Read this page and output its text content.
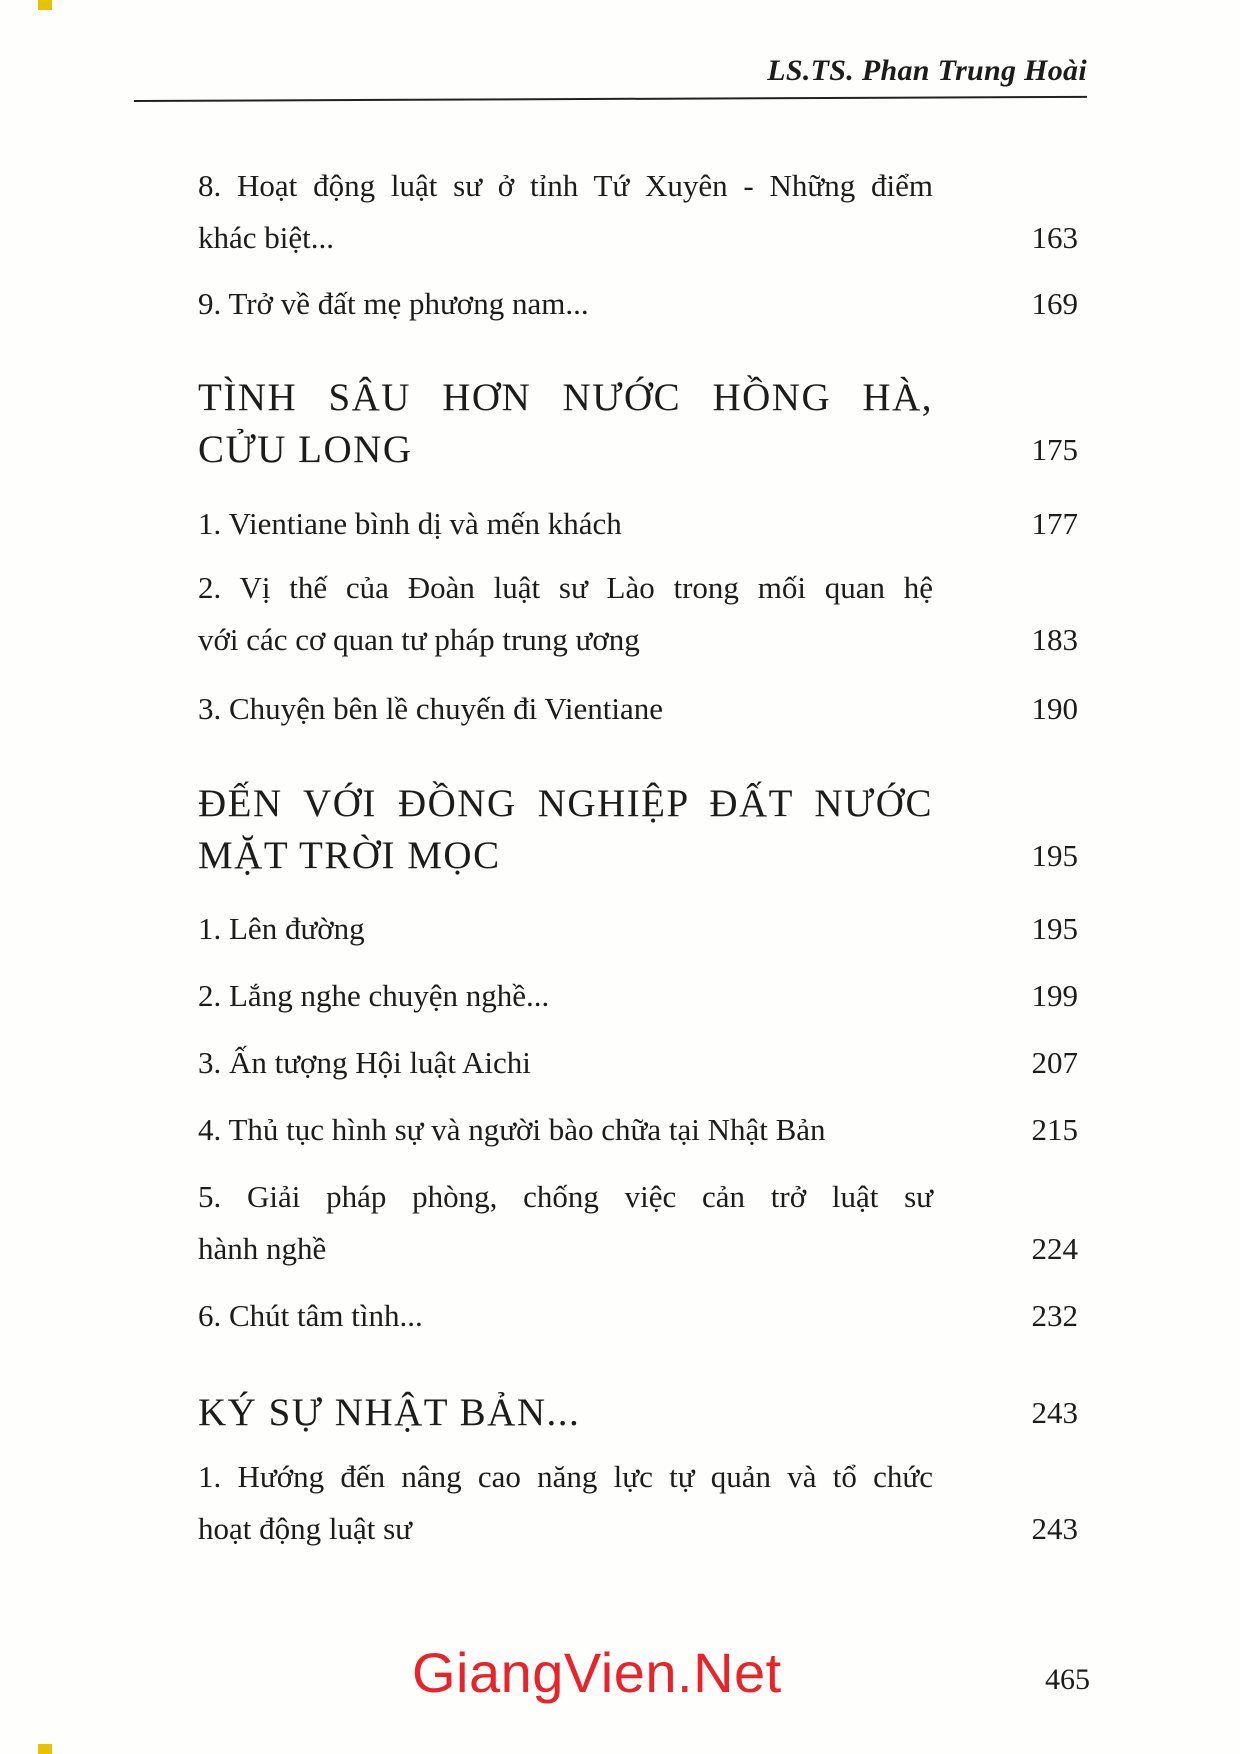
LS.TS. Phan Trung Hoài
8. Hoạt động luật sư ở tỉnh Tứ Xuyên - Những điểm
khác biệt...	163
9. Trở về đất mẹ phương nam...	169
TÌNH SÂU HƠN NƯỚC HỒNG HÀ,
CỬU LONG	175
1. Vientiane bình dị và mến khách	177
2. Vị thế của Đoàn luật sư Lào trong mối quan hệ
với các cơ quan tư pháp trung ương	183
3. Chuyện bên lề chuyến đi Vientiane	190
ĐẾN VỚI ĐỒNG NGHIỆP ĐẤT NƯỚC
MẶT TRỜI MỌC	195
1. Lên đường	195
2. Lắng nghe chuyện nghề...	199
3. Ấn tượng Hội luật Aichi	207
4. Thủ tục hình sự và người bào chữa tại Nhật Bản	215
5. Giải pháp phòng, chống việc cản trở luật sư
hành nghề	224
6. Chút tâm tình...	232
KÝ SỰ NHẬT BẢN...	243
1. Hướng đến nâng cao năng lực tự quản và tổ chức
hoạt động luật sư	243
GiangVien.Net	465
